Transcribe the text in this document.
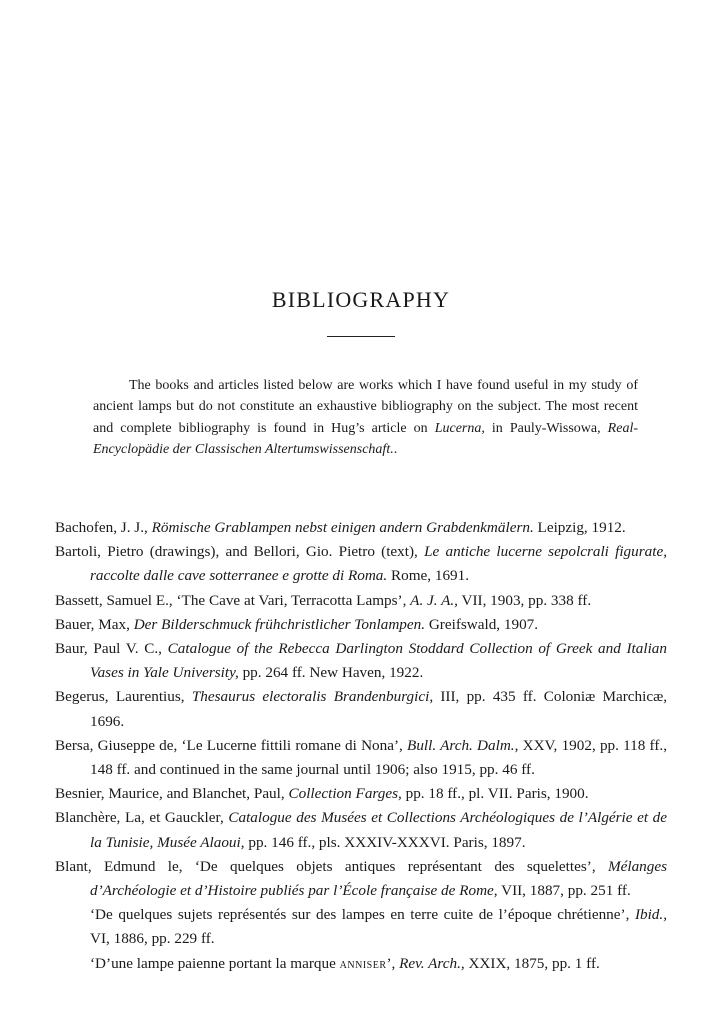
BIBLIOGRAPHY

The books and articles listed below are works which I have found useful in my study of ancient lamps but do not constitute an exhaustive bibliography on the subject. The most recent and complete bibliography is found in Hug’s article on Lucerna, in Pauly-Wissowa, Real-Encyclopädie der Classischen Altertumswissenschaft..

Bachofen, J. J., Römische Grablampen nebst einigen andern Grabdenkmälern. Leipzig, 1912.

Bartoli, Pietro (drawings), and Bellori, Gio. Pietro (text), Le antiche lucerne sepolcrali figurate, raccolte dalle cave sotterranee e grotte di Roma. Rome, 1691.

Bassett, Samuel E., ‘The Cave at Vari, Terracotta Lamps’, A. J. A., VII, 1903, pp. 338 ff.

Bauer, Max, Der Bilderschmuck frühchristlicher Tonlampen. Greifswald, 1907.

Baur, Paul V. C., Catalogue of the Rebecca Darlington Stoddard Collection of Greek and Italian Vases in Yale University, pp. 264 ff. New Haven, 1922.

Begerus, Laurentius, Thesaurus electoralis Brandenburgici, III, pp. 435 ff. Coloniæ Marchicæ, 1696.

Bersa, Giuseppe de, ‘Le Lucerne fittili romane di Nona’, Bull. Arch. Dalm., XXV, 1902, pp. 118 ff., 148 ff. and continued in the same journal until 1906; also 1915, pp. 46 ff.

Besnier, Maurice, and Blanchet, Paul, Collection Farges, pp. 18 ff., pl. VII. Paris, 1900.

Blanchère, La, et Gauckler, Catalogue des Musées et Collections Archéologiques de l’Algérie et de la Tunisie, Musée Alaoui, pp. 146 ff., pls. XXXIV-XXXVI. Paris, 1897.

Blant, Edmund le, ‘De quelques objets antiques représentant des squelettes’, Mélanges d’Archéologie et d’Histoire publiés par l’École française de Rome, VII, 1887, pp. 251 ff.

‘De quelques sujets représentés sur des lampes en terre cuite de l’époque chrétienne’, Ibid., VI, 1886, pp. 229 ff.

‘D’une lampe paienne portant la marque anniser’, Rev. Arch., XXIX, 1875, pp. 1 ff.
